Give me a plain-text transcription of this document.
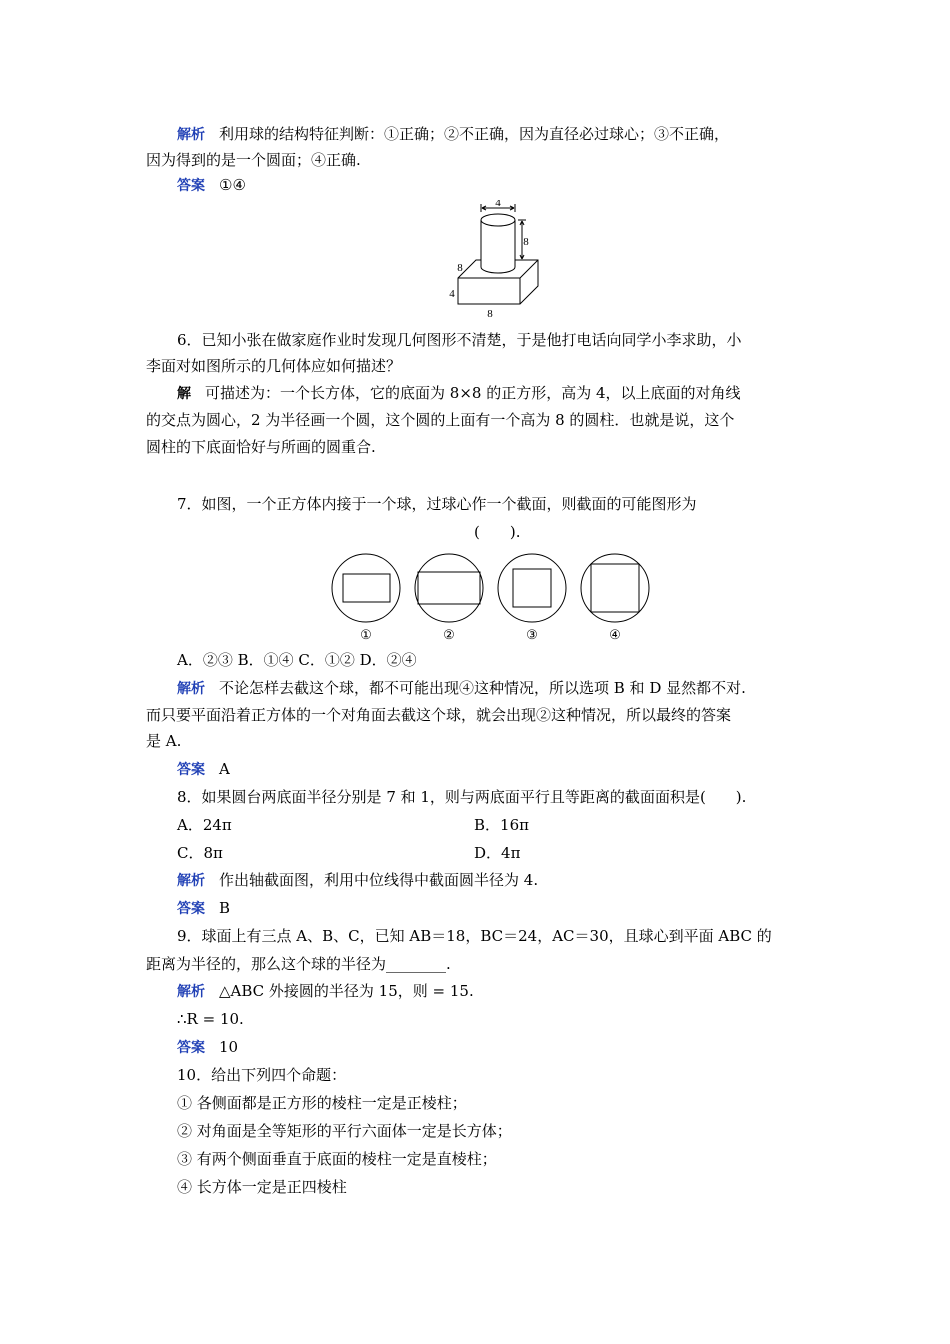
解析 利用球的结构特征判断：①正确；②不正确，因为直径必过球心；③不正确，
因为得到的是一个圆面；④正确.
答案 ①④
4
8
8
4
8
6．已知小张在做家庭作业时发现几何图形不清楚，于是他打电话向同学小李求助，小
李面对如图所示的几何体应如何描述？
解 可描述为：一个长方体，它的底面为 8×8 的正方形，高为 4，以上底面的对角线
的交点为圆心，2 为半径画一个圆，这个圆的上面有一个高为 8 的圆柱．也就是说，这个
圆柱的下底面恰好与所画的圆重合.
7．如图，一个正方体内接于一个球，过球心作一个截面，则截面的可能图形为
(　　).
①	②	③	④
A．②③ B．①④ C．①② D．②④
解析 不论怎样去截这个球，都不可能出现④这种情况，所以选项 B 和 D 显然都不对.
而只要平面沿着正方体的一个对角面去截这个球，就会出现②这种情况，所以最终的答案
是 A.
答案 A
8．如果圆台两底面半径分别是 7 和 1，则与两底面平行且等距离的截面面积是(　　).
A．24π	B．16π
C．8π	D．4π
解析 作出轴截面图，利用中位线得中截面圆半径为 4.
答案 B
9．球面上有三点 A、B、C，已知 AB＝18，BC＝24，AC＝30，且球心到平面 ABC 的
距离为半径的，那么这个球的半径为________.
解析 △ABC 外接圆的半径为 15，则 = 15.
∴R = 10.
答案 10
10．给出下列四个命题：
① 各侧面都是正方形的棱柱一定是正棱柱；
② 对角面是全等矩形的平行六面体一定是长方体；
③ 有两个侧面垂直于底面的棱柱一定是直棱柱；
④ 长方体一定是正四棱柱
